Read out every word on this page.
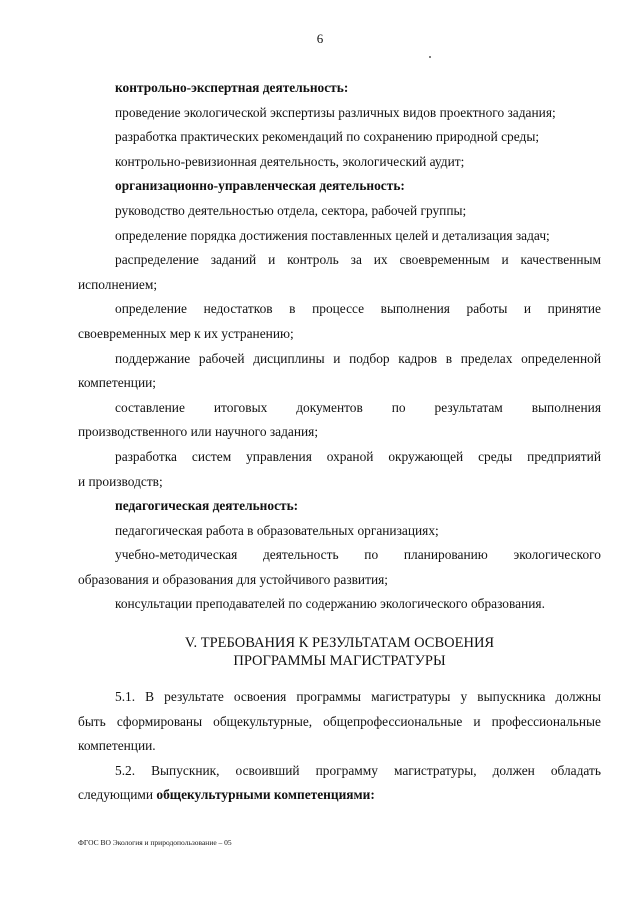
6
контрольно-экспертная деятельность:
проведение экологической экспертизы различных видов проектного задания;
разработка практических рекомендаций по сохранению природной среды;
контрольно-ревизионная деятельность, экологический аудит;
организационно-управленческая деятельность:
руководство деятельностью отдела, сектора, рабочей группы;
определение порядка достижения поставленных целей и детализация задач;
распределение заданий и контроль за их своевременным и качественным
исполнением;
определение недостатков в процессе выполнения работы и принятие
своевременных мер к их устранению;
поддержание рабочей дисциплины и подбор кадров в пределах определенной
компетенции;
составление итоговых документов по результатам выполнения
производственного или научного задания;
разработка систем управления охраной окружающей среды предприятий
и производств;
педагогическая деятельность:
педагогическая работа в образовательных организациях;
учебно-методическая деятельность по планированию экологического
образования и образования для устойчивого развития;
консультации преподавателей по содержанию экологического образования.
V. ТРЕБОВАНИЯ К РЕЗУЛЬТАТАМ ОСВОЕНИЯ
ПРОГРАММЫ МАГИСТРАТУРЫ
5.1. В результате освоения программы магистратуры у выпускника должны
быть сформированы общекультурные, общепрофессиональные и профессиональные
компетенции.
5.2. Выпускник, освоивший программу магистратуры, должен обладать
следующими общекультурными компетенциями:
ФГОС ВО Экология и природопользование – 05
